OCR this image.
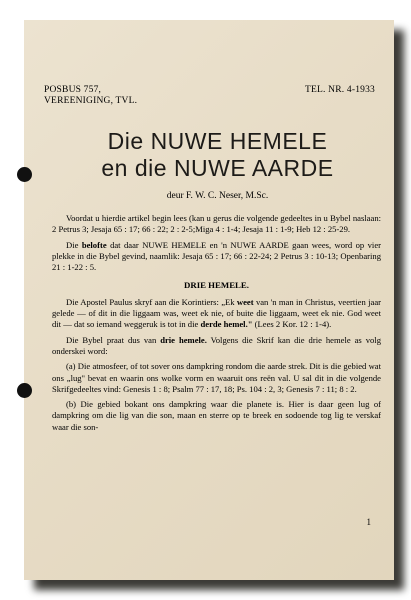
POSBUS 757,
VEREENIGING, TVL.
TEL. NR. 4-1933
Die NUWE HEMELE
en die NUWE AARDE
deur F. W. C. Neser, M.Sc.

Voordat u hierdie artikel begin lees (kan u gerus die volgende gedeeltes in u Bybel naslaan: 2 Petrus 3; Jesaja 65 : 17; 66 : 22; 2 : 2-5;Miga 4 : 1-4; Jesaja 11 : 1-9; Heb 12 : 25-29.

Die belofte dat daar NUWE HEMELE en 'n NUWE AARDE gaan wees, word op vier plekke in die Bybel gevind, naamlik: Jesaja 65 : 17; 66 : 22-24; 2 Petrus 3 : 10-13; Openbaring 21 : 1-22 : 5.

DRIE HEMELE.

Die Apostel Paulus skryf aan die Korintiers: „Ek weet van 'n man in Christus, veertien jaar gelede — of dit in die liggaam was, weet ek nie, of buite die liggaam, weet ek nie. God weet dit — dat so iemand weggeruk is tot in die derde hemel." (Lees 2 Kor. 12 : 1-4).

Die Bybel praat dus van drie hemele. Volgens die Skrif kan die drie hemele as volg onderskei word:

(a) Die atmosfeer, of tot sover ons dampkring rondom die aarde strek. Dit is die gebied wat ons „lug" bevat en waarin ons wolke vorm en waaruit ons reën val. U sal dit in die volgende Skrifgedeeltes vind: Genesis 1 : 8; Psalm 77 : 17, 18; Ps. 104 : 2, 3; Genesis 7 : 11; 8 : 2.

(b) Die gebied bokant ons dampkring waar die planete is. Hier is daar geen lug of dampkring om die lig van die son, maan en sterre op te breek en sodoende tog lig te verskaf waar die son-

1
